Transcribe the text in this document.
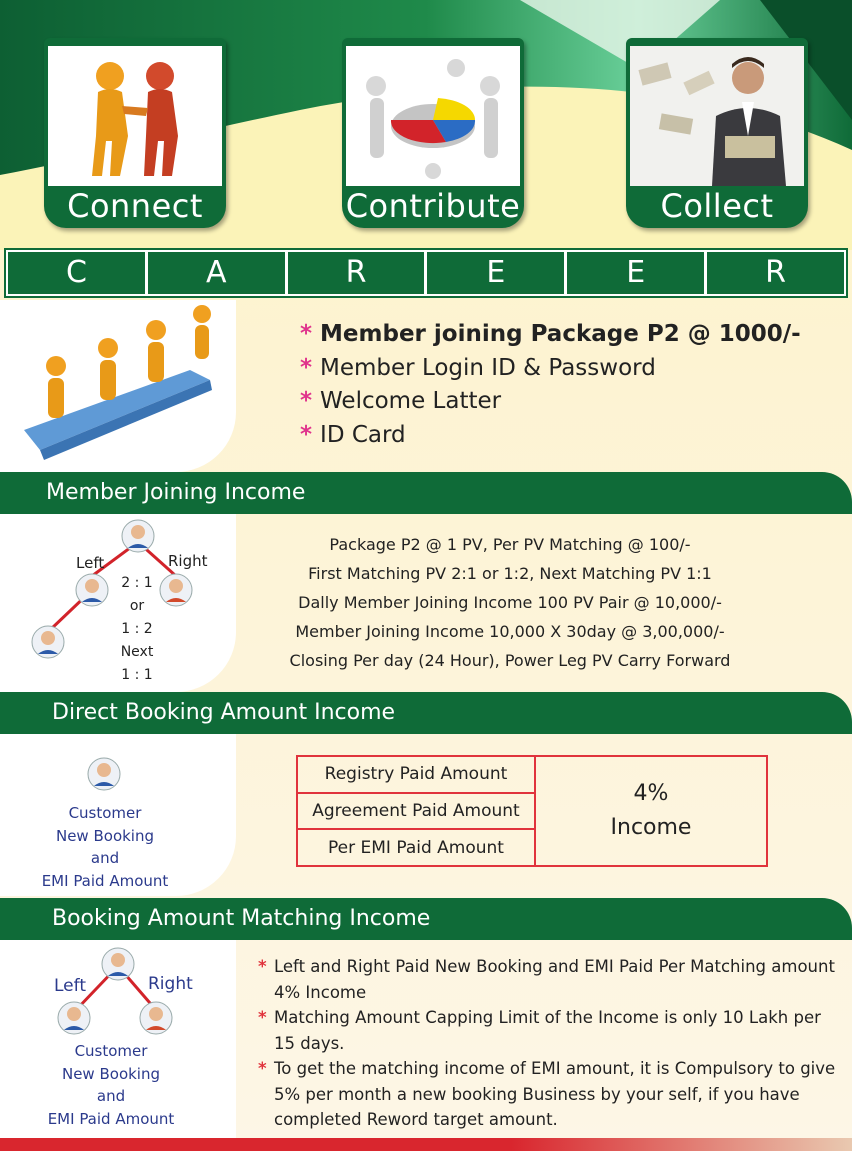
Connect	Contribute	Collect
C	A	R	E	E	R
* Member joining Package P2 @ 1000/-
* Member Login ID & Password
* Welcome Latter
* ID Card
Member Joining Income
Left	Right
2 : 1
or
1 : 2
Next
1 : 1
Package P2 @ 1 PV, Per PV Matching @ 100/-
First Matching PV 2:1 or 1:2, Next Matching PV 1:1
Dally Member Joining Income 100 PV Pair @ 10,000/-
Member Joining Income 10,000 X 30day @ 3,00,000/-
Closing Per day (24 Hour), Power Leg PV Carry Forward
Direct Booking Amount Income
Customer
New Booking
and
EMI Paid Amount
Registry Paid Amount	
4%
Income

Agreement Paid Amount
Per EMI Paid Amount
Booking Amount Matching Income
Left	Right
Customer
New Booking
and
EMI Paid Amount
* Left and Right Paid New Booking and EMI Paid Per Matching amount 4% Income
* Matching Amount Capping Limit of the Income is only 10 Lakh per 15 days.
* To get the matching income of EMI amount, it is Compulsory to give 5% per month a new booking Business by your self, if you have completed Reword target amount.
